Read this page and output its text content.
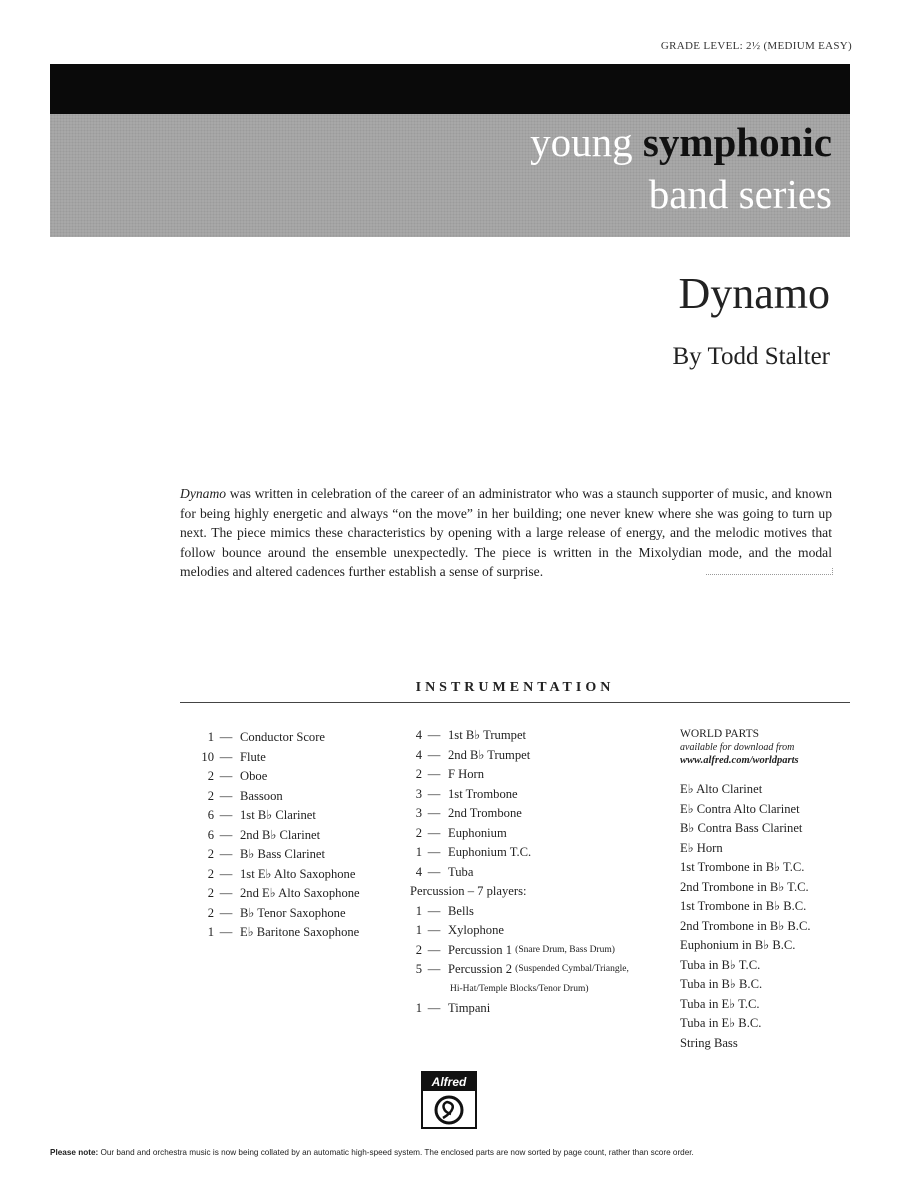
GRADE LEVEL: 2½ (MEDIUM EASY)
young symphonic
band series
Dynamo
By Todd Stalter
Dynamo was written in celebration of the career of an administrator who was a staunch supporter of music, and known for being highly energetic and always “on the move” in her building; one never knew where she was going to turn up next. The piece mimics these characteristics by opening with a large release of energy, and the melodic motives that follow bounce around the ensemble unexpectedly. The piece is written in the Mixolydian mode, and the modal melodies and altered cadences further establish a sense of surprise.
INSTRUMENTATION
1 — Conductor Score
10 — Flute
2 — Oboe
2 — Bassoon
6 — 1st B♭ Clarinet
6 — 2nd B♭ Clarinet
2 — B♭ Bass Clarinet
2 — 1st E♭ Alto Saxophone
2 — 2nd E♭ Alto Saxophone
2 — B♭ Tenor Saxophone
1 — E♭ Baritone Saxophone
4 — 1st B♭ Trumpet
4 — 2nd B♭ Trumpet
2 — F Horn
3 — 1st Trombone
3 — 2nd Trombone
2 — Euphonium
1 — Euphonium T.C.
4 — Tuba
Percussion – 7 players:
1 — Bells
1 — Xylophone
2 — Percussion 1
(Snare Drum, Bass Drum)
5 — Percussion 2
(Suspended Cymbal/Triangle,
Hi-Hat/Temple Blocks/Tenor Drum)
1 — Timpani
WORLD PARTS
available for download from
www.alfred.com/worldparts
E♭ Alto Clarinet
E♭ Contra Alto Clarinet
B♭ Contra Bass Clarinet
E♭ Horn
1st Trombone in B♭ T.C.
2nd Trombone in B♭ T.C.
1st Trombone in B♭ B.C.
2nd Trombone in B♭ B.C.
Euphonium in B♭ B.C.
Tuba in B♭ T.C.
Tuba in B♭ B.C.
Tuba in E♭ T.C.
Tuba in E♭ B.C.
String Bass
Alfred
Please note: Our band and orchestra music is now being collated by an automatic high-speed system. The enclosed parts are now sorted by page count, rather than score order.
